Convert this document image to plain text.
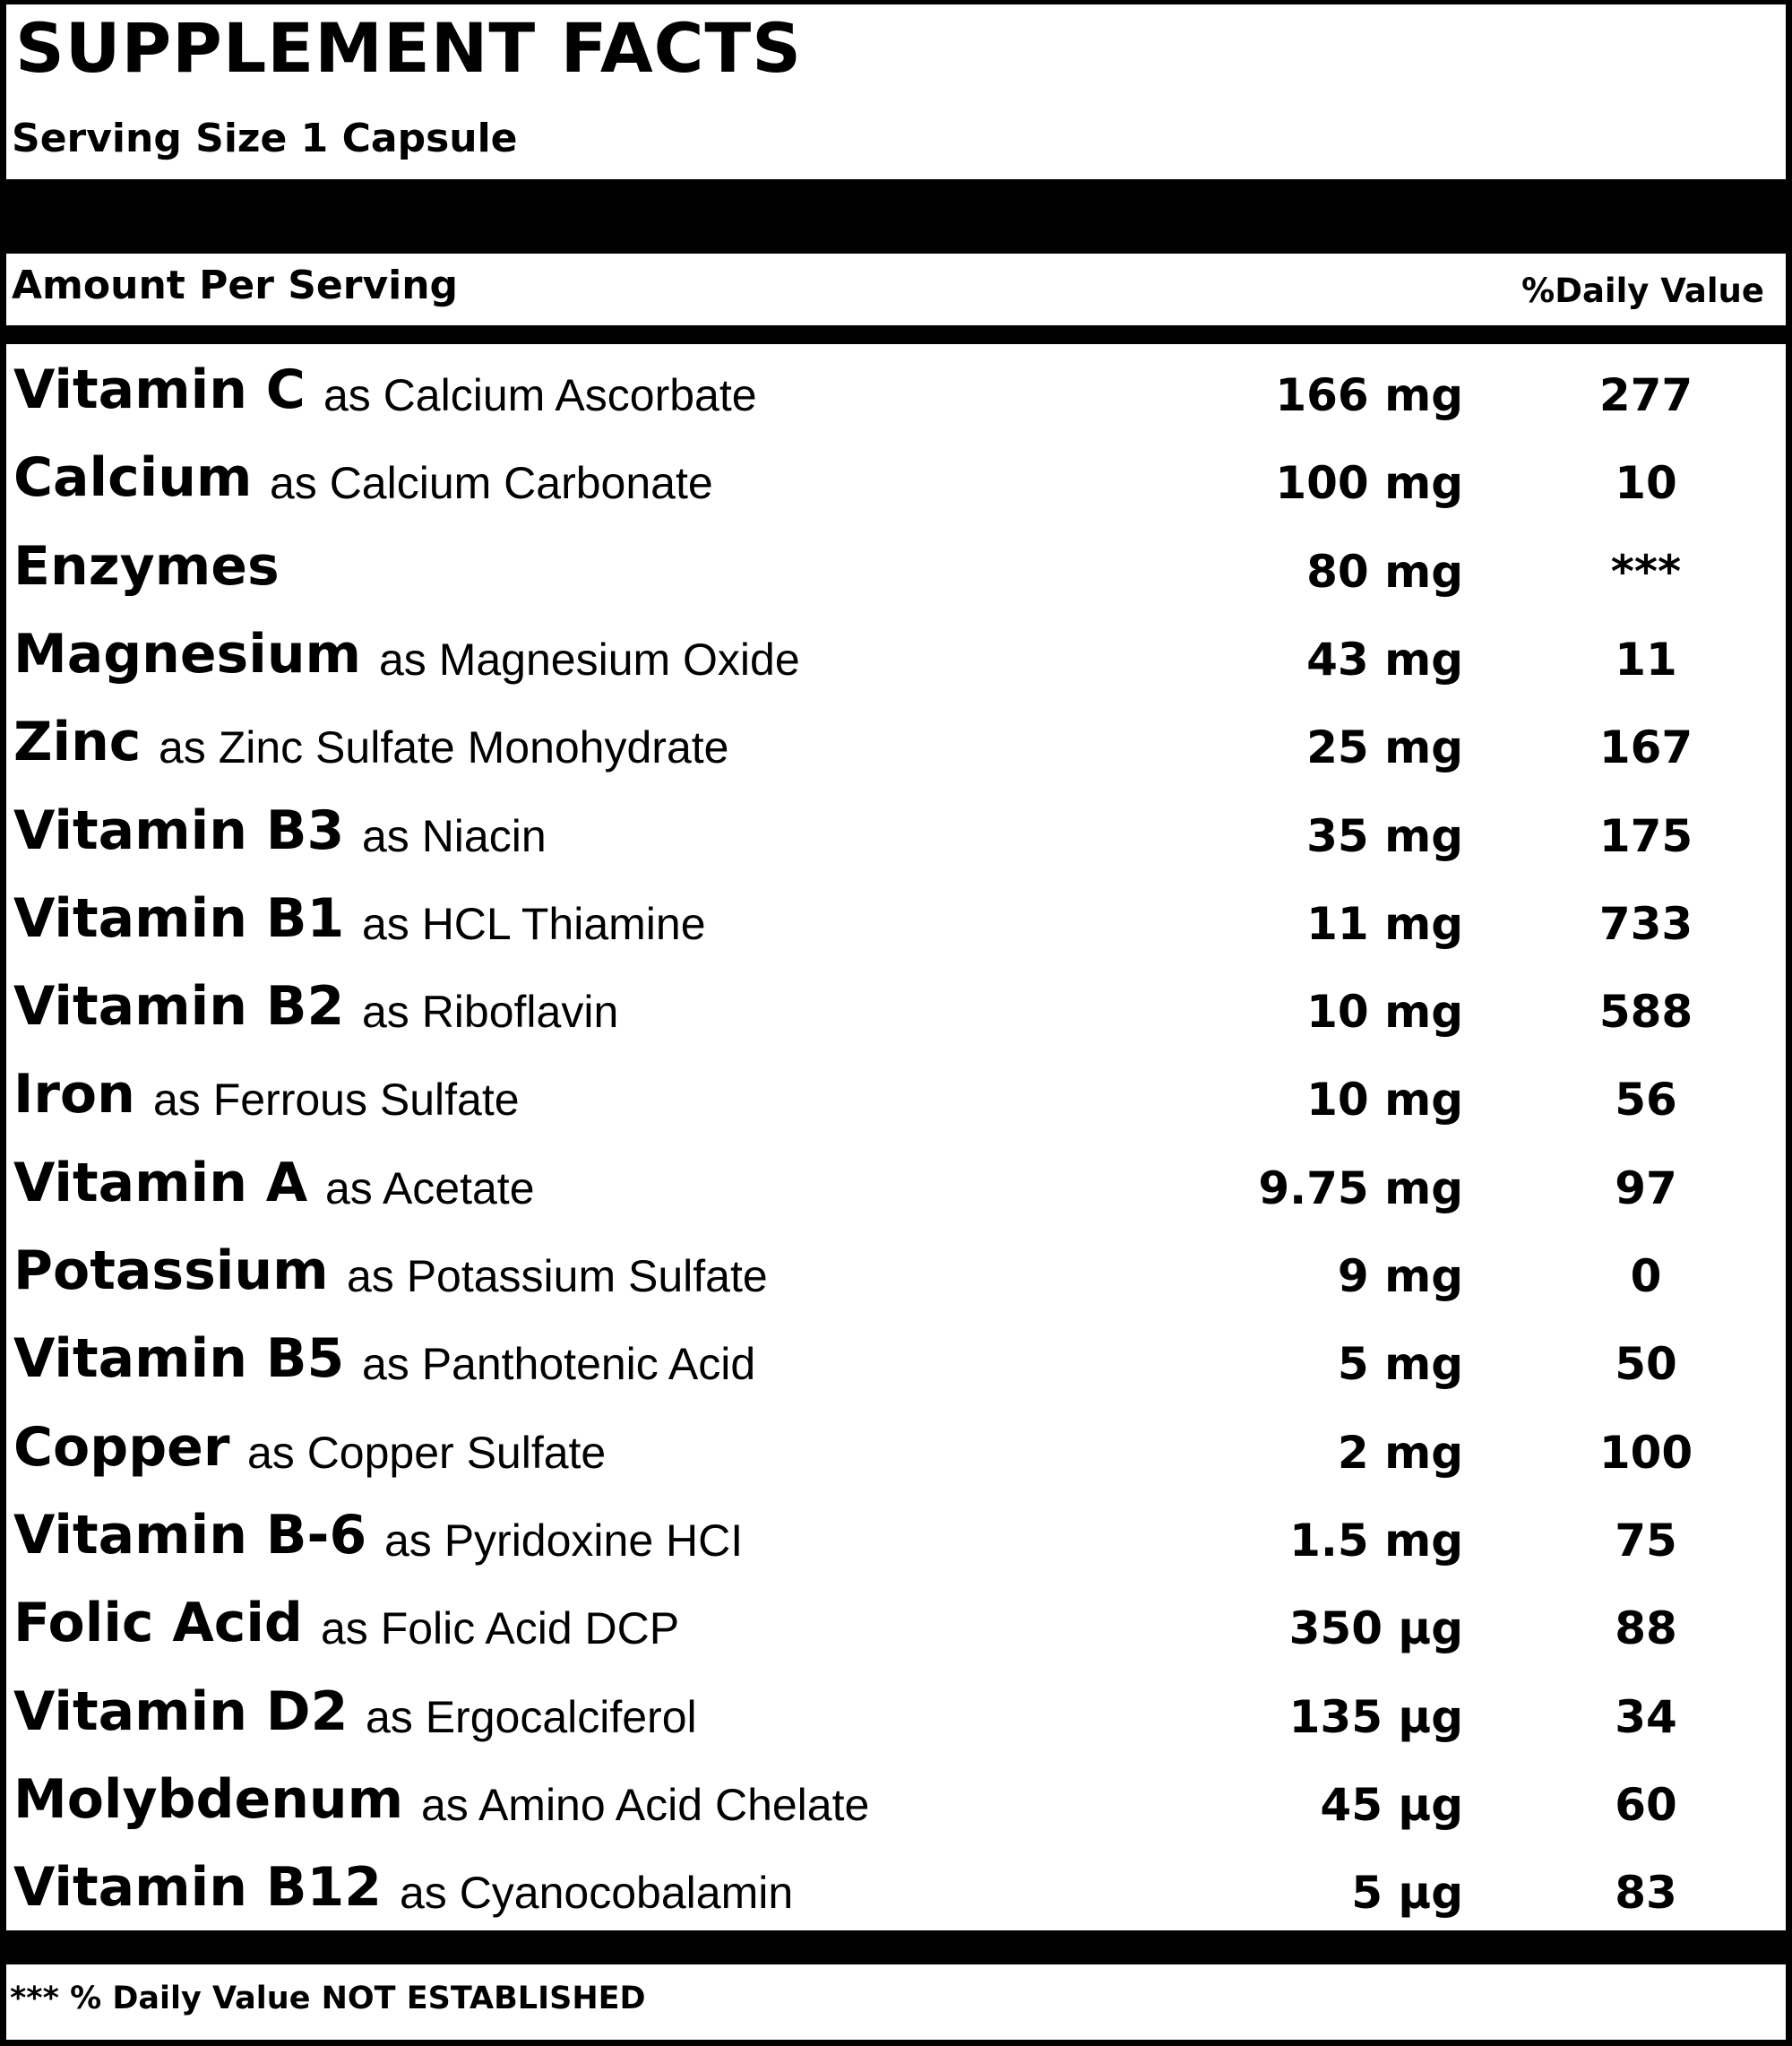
SUPPLEMENT FACTS
Serving Size 1 Capsule
Amount Per Serving	%Daily Value
Vitamin C as Calcium Ascorbate	166 mg	277
Calcium as Calcium Carbonate	100 mg	10
Enzymes	80 mg	***
Magnesium as Magnesium Oxide	43 mg	11
Zinc as Zinc Sulfate Monohydrate	25 mg	167
Vitamin B3 as Niacin	35 mg	175
Vitamin B1 as HCL Thiamine	11 mg	733
Vitamin B2 as Riboflavin	10 mg	588
Iron as Ferrous Sulfate	10 mg	56
Vitamin A as Acetate	9.75 mg	97
Potassium as Potassium Sulfate	9 mg	0
Vitamin B5 as Panthotenic Acid	5 mg	50
Copper as Copper Sulfate	2 mg	100
Vitamin B-6 as Pyridoxine HCI	1.5 mg	75
Folic Acid as Folic Acid DCP	350 µg	88
Vitamin D2 as Ergocalciferol	135 µg	34
Molybdenum as Amino Acid Chelate	45 µg	60
Vitamin B12 as Cyanocobalamin	5 µg	83
*** % Daily Value NOT ESTABLISHED
